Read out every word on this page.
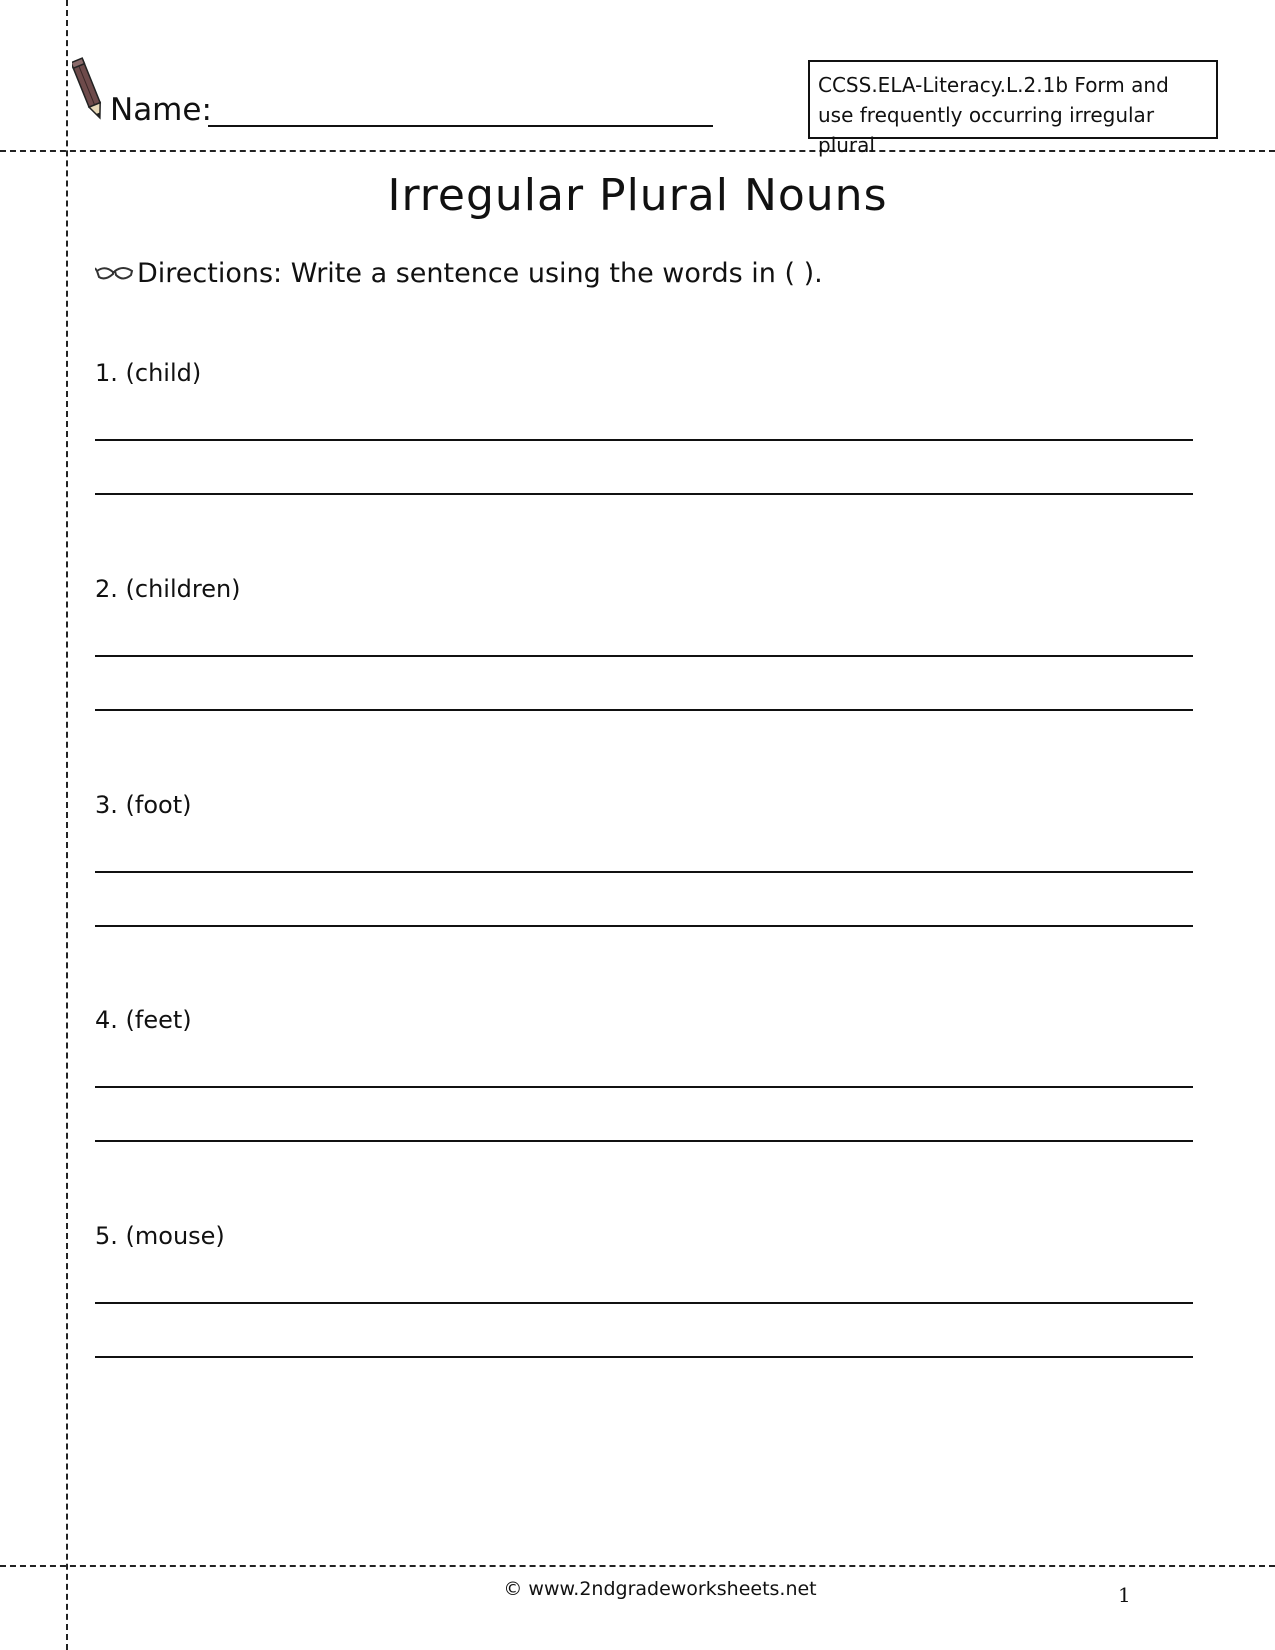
Name:
CCSS.ELA-Literacy.L.2.1b Form and use frequently occurring irregular plural
Irregular Plural Nouns
Directions: Write a sentence using the words in ( ).
1. (child)
2. (children)
3. (foot)
4. (feet)
5. (mouse)
© www.2ndgradeworksheets.net	1
